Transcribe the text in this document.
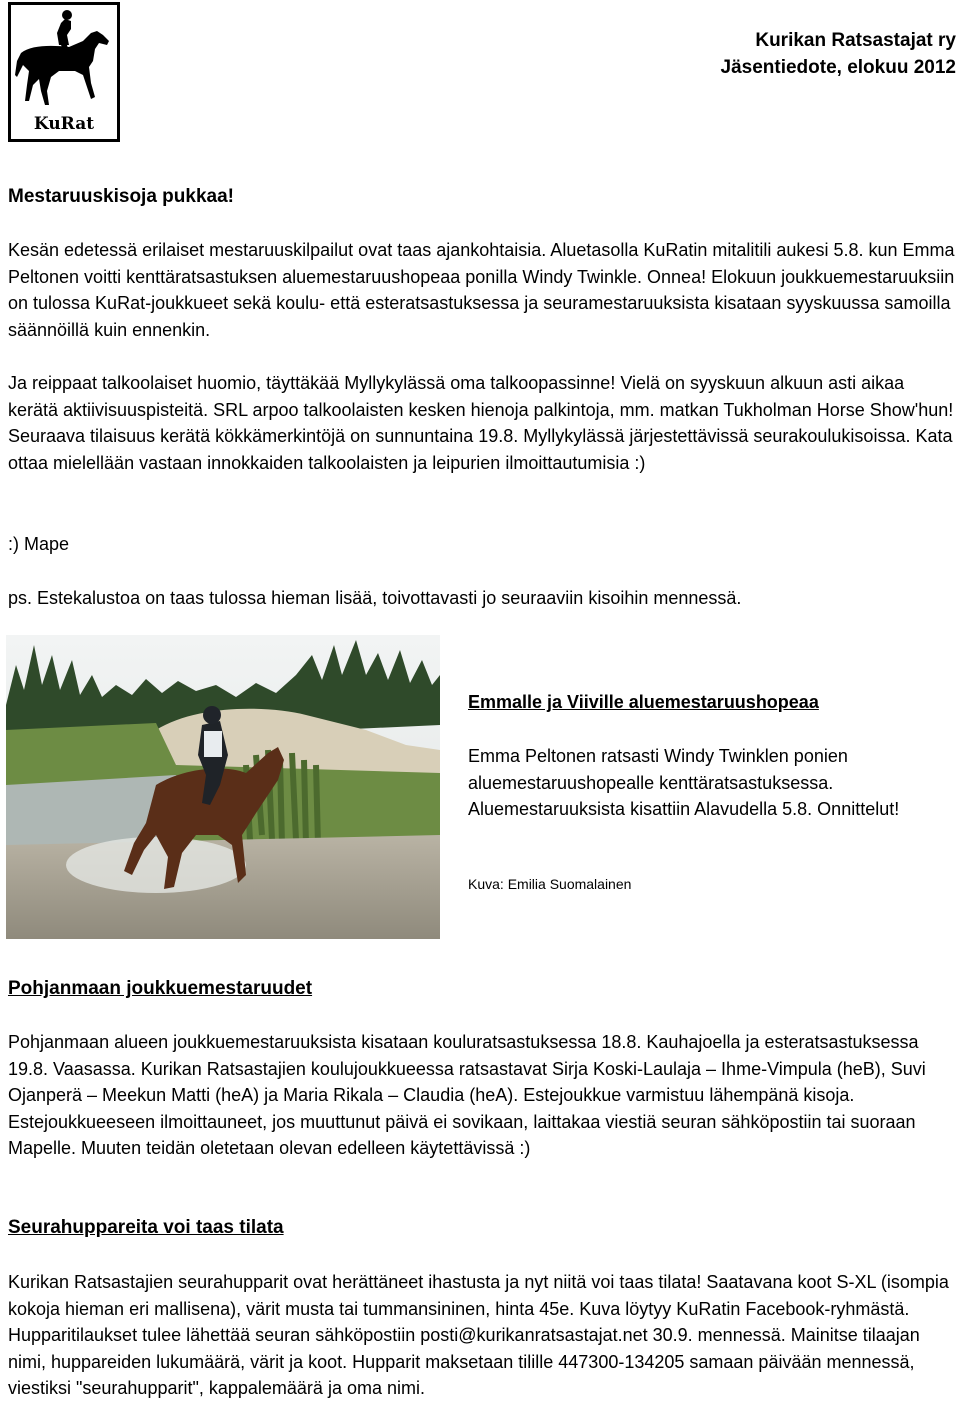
KuRat
Kurikan Ratsastajat ry
Jäsentiedote, elokuu 2012
Mestaruuskisoja pukkaa!
Kesän edetessä erilaiset mestaruuskilpailut ovat taas ajankohtaisia. Aluetasolla KuRatin mitalitili aukesi 5.8. kun Emma Peltonen voitti kenttäratsastuksen aluemestaruushopeaa ponilla Windy Twinkle. Onnea! Elokuun joukkuemestaruuksiin on tulossa KuRat-joukkueet sekä koulu- että esteratsastuksessa ja seuramestaruuksista kisataan syyskuussa samoilla säännöillä kuin ennenkin.
Ja reippaat talkoolaiset huomio, täyttäkää Myllykylässä oma talkoopassinne! Vielä on syyskuun alkuun asti aikaa kerätä aktiivisuuspisteitä. SRL arpoo talkoolaisten kesken hienoja palkintoja, mm. matkan Tukholman Horse Show'hun! Seuraava tilaisuus kerätä kökkämerkintöjä on sunnuntaina 19.8. Myllykylässä järjestettävissä seurakoulukisoissa. Kata ottaa mielellään vastaan innokkaiden talkoolaisten ja leipurien ilmoittautumisia :)
:) Mape
ps. Estekalustoa on taas tulossa hieman lisää, toivottavasti jo seuraaviin kisoihin mennessä.
Emmalle ja Viiville aluemestaruushopeaa
Emma Peltonen ratsasti Windy Twinklen ponien aluemestaruushopealle kenttäratsastuksessa. Aluemestaruuksista kisattiin Alavudella 5.8. Onnittelut!
Kuva: Emilia Suomalainen
Pohjanmaan joukkuemestaruudet
Pohjanmaan alueen joukkuemestaruuksista kisataan kouluratsastuksessa 18.8. Kauhajoella ja esteratsastuksessa 19.8. Vaasassa. Kurikan Ratsastajien koulujoukkueessa ratsastavat Sirja Koski-Laulaja – Ihme-Vimpula (heB), Suvi Ojanperä – Meekun Matti (heA) ja Maria Rikala – Claudia (heA). Estejoukkue varmistuu lähempänä kisoja. Estejoukkueeseen ilmoittauneet, jos muuttunut päivä ei sovikaan, laittakaa viestiä seuran sähköpostiin tai suoraan Mapelle. Muuten teidän oletetaan olevan edelleen käytettävissä :)
Seurahuppareita voi taas tilata
Kurikan Ratsastajien seurahupparit ovat herättäneet ihastusta ja nyt niitä voi taas tilata! Saatavana koot S-XL (isompia kokoja hieman eri mallisena), värit musta tai tummansininen, hinta 45e. Kuva löytyy KuRatin Facebook-ryhmästä. Hupparitilaukset tulee lähettää seuran sähköpostiin posti@kurikanratsastajat.net 30.9. mennessä. Mainitse tilaajan nimi, huppareiden lukumäärä, värit ja koot. Hupparit maksetaan tilille 447300-134205 samaan päivään mennessä, viestiksi "seurahupparit", kappalemäärä ja oma nimi.
